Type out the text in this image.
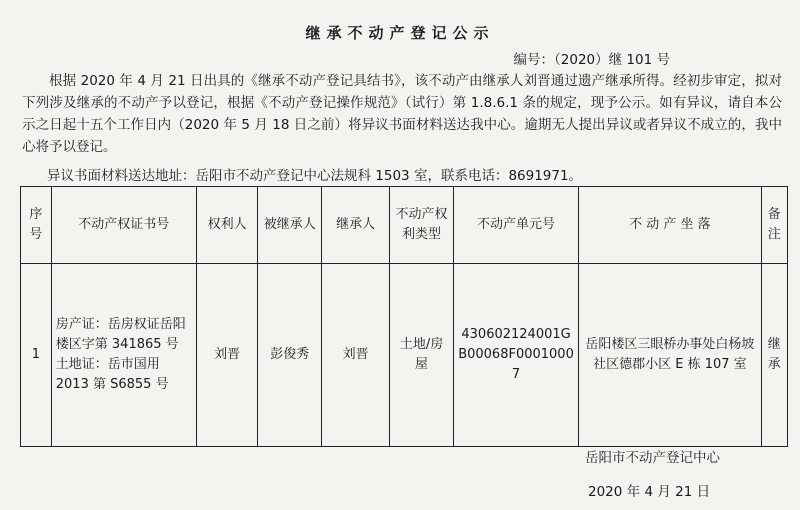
继承不动产登记公示
编号：（2020）继 101 号
根据 2020 年 4 月 21 日出具的《继承不动产登记具结书》，该不动产由继承人刘晋通过遗产继承所得。经初步审定，拟对下列涉及继承的不动产予以登记，根据《不动产登记操作规范》（试行）第 1.8.6.1 条的规定，现予公示。如有异议，请自本公示之日起十五个工作日内（2020 年 5 月 18 日之前）将异议书面材料送达我中心。逾期无人提出异议或者异议不成立的，我中心将予以登记。
异议书面材料送达地址：岳阳市不动产登记中心法规科 1503 室，联系电话：8691971。
序号	不动产权证书号	权利人	被继承人	继承人	不动产权利类型	不动产单元号	不 动 产 坐 落	备注
1	房产证：岳房权证岳阳楼区字第 341865 号 土地证：岳市国用 2013 第 S6855 号	刘晋	彭俊秀	刘晋	土地/房屋	430602124001GB00068F00010007	岳阳楼区三眼桥办事处白杨坡社区德郡小区 E 栋 107 室	继承
岳阳市不动产登记中心
2020 年 4 月 21 日
